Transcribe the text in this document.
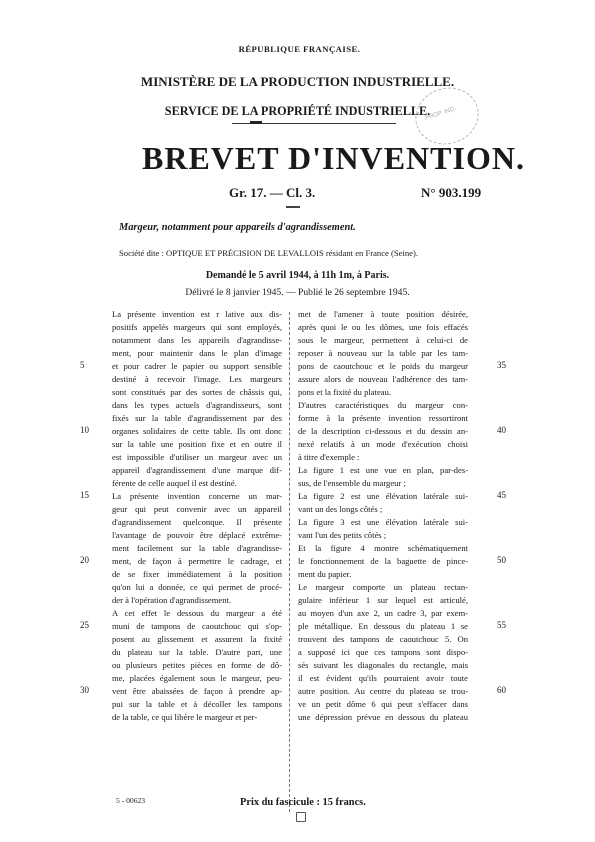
RÉPUBLIQUE FRANÇAISE.
MINISTÈRE DE LA PRODUCTION INDUSTRIELLE.
SERVICE DE LA PROPRIÉTÉ INDUSTRIELLE.
PROP. IND.
BREVET D'INVENTION.
Gr. 17. — Cl. 3.	N° 903.199
Margeur, notamment pour appareils d'agrandissement.
Société dite : OPTIQUE ET PRÉCISION DE LEVALLOIS résidant en France (Seine).
Demandé le 5 avril 1944, à 11h 1m, à Paris.
Délivré le 8 janvier 1945. — Publié le 26 septembre 1945.
La présente invention est r lative aux dis-
positifs appelés margeurs qui sont employés,
notamment dans les appareils d'agrandisse-
ment, pour maintenir dans le plan d'image
et pour cadrer le papier ou support sensible
destiné à recevoir l'image. Les margeurs
sont constitués par des sortes de châssis qui,
dans les types actuels d'agrandisseurs, sont
fixés sur la table d'agrandissement par des
organes solidaires de cette table. Ils ont donc
sur la table une position fixe et en outre il
est impossible d'utiliser un margeur avec un
appareil d'agrandissement d'une marque dif-
férente de celle auquel il est destiné.
La présente invention concerne un mar-
geur qui peut convenir avec un appareil
d'agrandissement quelconque. Il présente
l'avantage de pouvoir être déplacé extrême-
ment facilement sur la table d'agrandisse-
ment, de façon à permettre le cadrage, et
de se fixer immédiatement à la position
qu'on lui a donnée, ce qui permet de procé-
der à l'opération d'agrandissement.
A cet effet le dessous du margeur a été
muni de tampons de caoutchouc qui s'op-
posent au glissement et assurent la fixité
du plateau sur la table. D'autre part, une
ou plusieurs petites pièces en forme de dô-
me, placées également sous le margeur, peu-
vent être abaissées de façon à prendre ap-
pui sur la table et à décoller les tampons
de la table, ce qui libère le margeur et per-
met de l'amener à toute position désirée,
après quoi le ou les dômes, une fois effacés
sous le margeur, permettent à celui-ci de
reposer à nouveau sur la table par les tam-
pons de caoutchouc et le poids du margeur
assure alors de nouveau l'adhérence des tam-
pons et la fixité du plateau.
D'autres caractéristiques du margeur con-
forme à la présente invention ressortiront
de la description ci-dessous et du dessin an-
nexé relatifs à un mode d'exécution choisi
à titre d'exemple :
La figure 1 est une vue en plan, par-des-
sus, de l'ensemble du margeur ;
La figure 2 est une élévation latérale sui-
vant un des longs côtés ;
La figure 3 est une élévation latérale sui-
vant l'un des petits côtés ;
Et la figure 4 montre schématiquement
le fonctionnement de la baguette de pince-
ment du papier.
Le margeur comporte un plateau rectan-
gulaire inférieur 1 sur lequel est articulé,
au moyen d'un axe 2, un cadre 3, par exem-
ple métallique. En dessous du plateau 1 se
trouvent des tampons de caoutchouc 5. On
a supposé ici que ces tampons sont dispo-
sés suivant les diagonales du rectangle, mais
il est évident qu'ils pourraient avoir toute
autre position. Au centre du plateau se trou-
ve un petit dôme 6 qui peut s'effacer dans
une dépression prévue en dessous du plateau
5
10
15
20
25
30
35
40
45
50
55
60
5 - 00623	Prix du fascicule : 15 francs.
